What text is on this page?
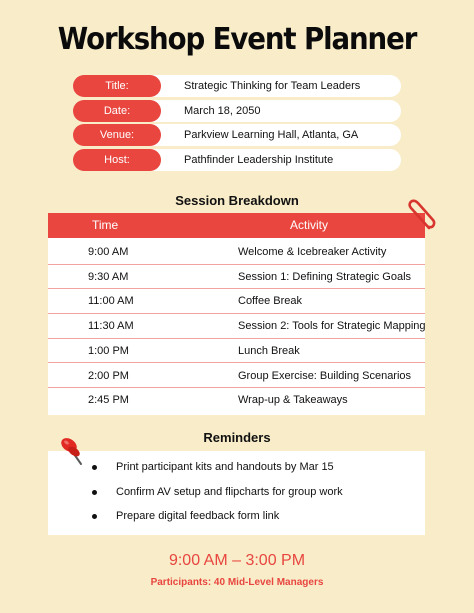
Workshop Event Planner
Title:	Strategic Thinking for Team Leaders
Date:	March 18, 2050
Venue:	Parkview Learning Hall, Atlanta, GA
Host:	Pathfinder Leadership Institute
Session Breakdown
Time	Activity
9:00 AM	Welcome & Icebreaker Activity
9:30 AM	Session 1: Defining Strategic Goals
11:00 AM	Coffee Break
11:30 AM	Session 2: Tools for Strategic Mapping
1:00 PM	Lunch Break
2:00 PM	Group Exercise: Building Scenarios
2:45 PM	Wrap-up & Takeaways
Reminders
Print participant kits and handouts by Mar 15
Confirm AV setup and flipcharts for group work
Prepare digital feedback form link
9:00 AM – 3:00 PM
Participants: 40 Mid-Level Managers
